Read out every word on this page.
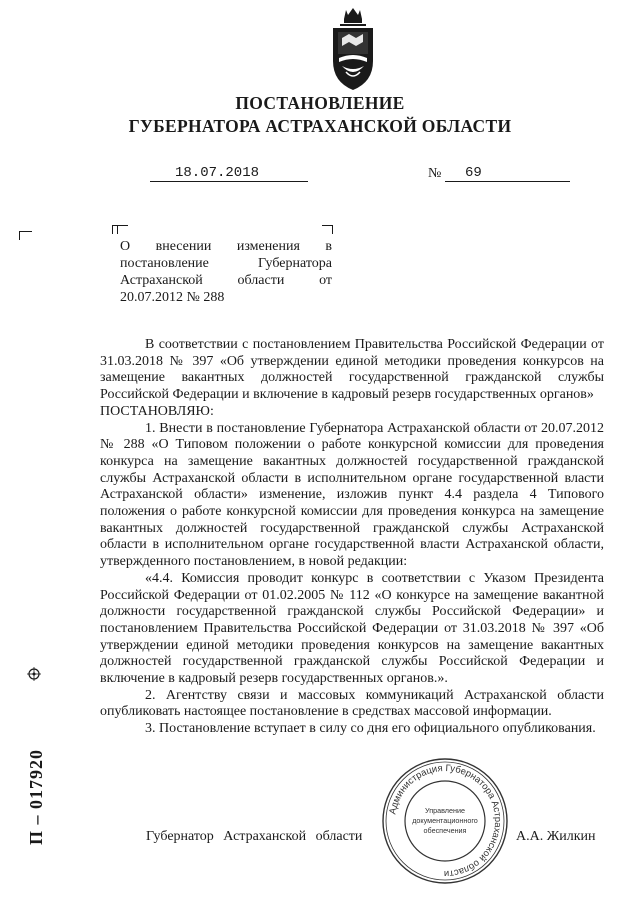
ПОСТАНОВЛЕНИЕ
ГУБЕРНАТОРА АСТРАХАНСКОЙ ОБЛАСТИ
18.07.2018	№ 69
О внесении изменения в постановление Губернатора Астраханской области от 20.07.2012 № 288

В соответствии с постановлением Правительства Российской Федерации от 31.03.2018 № 397 «Об утверждении единой методики проведения конкурсов на замещение вакантных должностей государственной гражданской службы Российской Федерации и включение в кадровый резерв государственных органов»

ПОСТАНОВЛЯЮ:

1. Внести в постановление Губернатора Астраханской области от 20.07.2012 № 288 «О Типовом положении о работе конкурсной комиссии для проведения конкурса на замещение вакантных должностей государственной гражданской службы Астраханской области в исполнительном органе государственной власти Астраханской области» изменение, изложив пункт 4.4 раздела 4 Типового положения о работе конкурсной комиссии для проведения конкурса на замещение вакантных должностей государственной гражданской службы Астраханской области в исполнительном органе государственной власти Астраханской области, утвержденного постановлением, в новой редакции:

«4.4. Комиссия проводит конкурс в соответствии с Указом Президента Российской Федерации от 01.02.2005 № 112 «О конкурсе на замещение вакантной должности государственной гражданской службы Российской Федерации» и постановлением Правительства Российской Федерации от 31.03.2018 № 397 «Об утверждении единой методики проведения конкурсов на замещение вакантных должностей государственной гражданской службы Российской Федерации и включение в кадровый резерв государственных органов.».

2. Агентству связи и массовых коммуникаций Астраханской области опубликовать настоящее постановление в средствах массовой информации.

3. Постановление вступает в силу со дня его официального опубликования.

П – 017920	Администрация Губернатора Астраханской области
Управление
документационного
обеспечения
Губернатор Астраханской области	А.А. Жилкин
